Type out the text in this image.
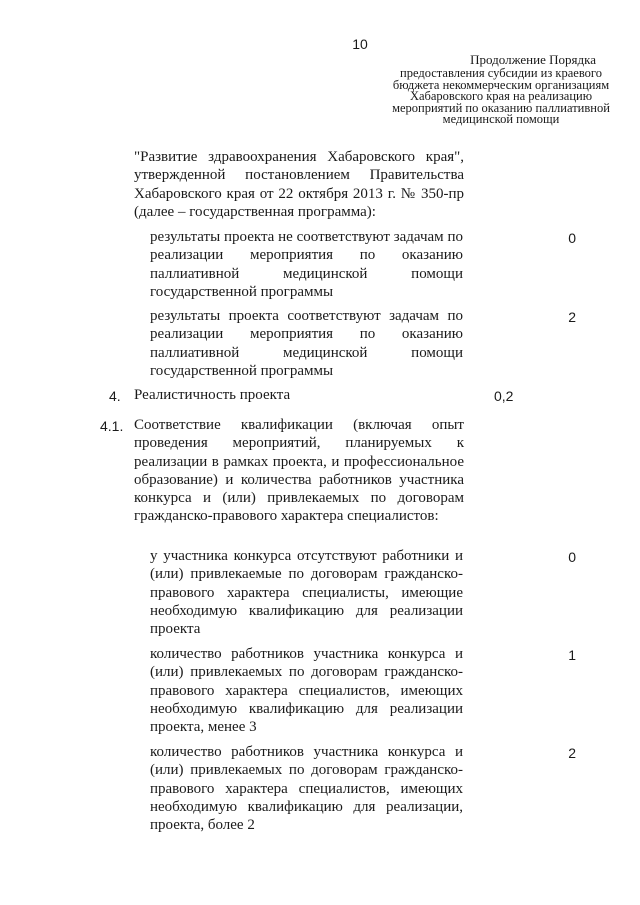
10
Продолжение Порядка
предоставления субсидии из краевого бюджета некоммерческим организациям Хабаровского края на реализацию мероприятий по оказанию паллиативной медицинской помощи
"Развитие здравоохранения Хабаровского края", утвержденной постановлением Правительства Хабаровского края от 22 октября 2013 г. № 350-пр (далее – государственная программа):
результаты проекта не соответствуют задачам по реализации мероприятия по оказанию паллиативной медицинской помощи государственной программы
0
результаты проекта соответствуют задачам по реализации мероприятия по оказанию паллиативной медицинской помощи государственной программы
2
4. Реалистичность проекта	0,2
4.1. Соответствие квалификации (включая опыт проведения мероприятий, планируемых к реализации в рамках проекта, и профессиональное образование) и количества работников участника конкурса и (или) привлекаемых по договорам гражданско-правового характера специалистов:
у участника конкурса отсутствуют работники и (или) привлекаемые по договорам гражданско-правового характера специалисты, имеющие необходимую квалификацию для реализации проекта
0
количество работников участника конкурса и (или) привлекаемых по договорам гражданско-правового характера специалистов, имеющих необходимую квалификацию для реализации проекта, менее 3
1
количество работников участника конкурса и (или) привлекаемых по договорам гражданско-правового характера специалистов, имеющих необходимую квалификацию для реализации, проекта, более 2
2
